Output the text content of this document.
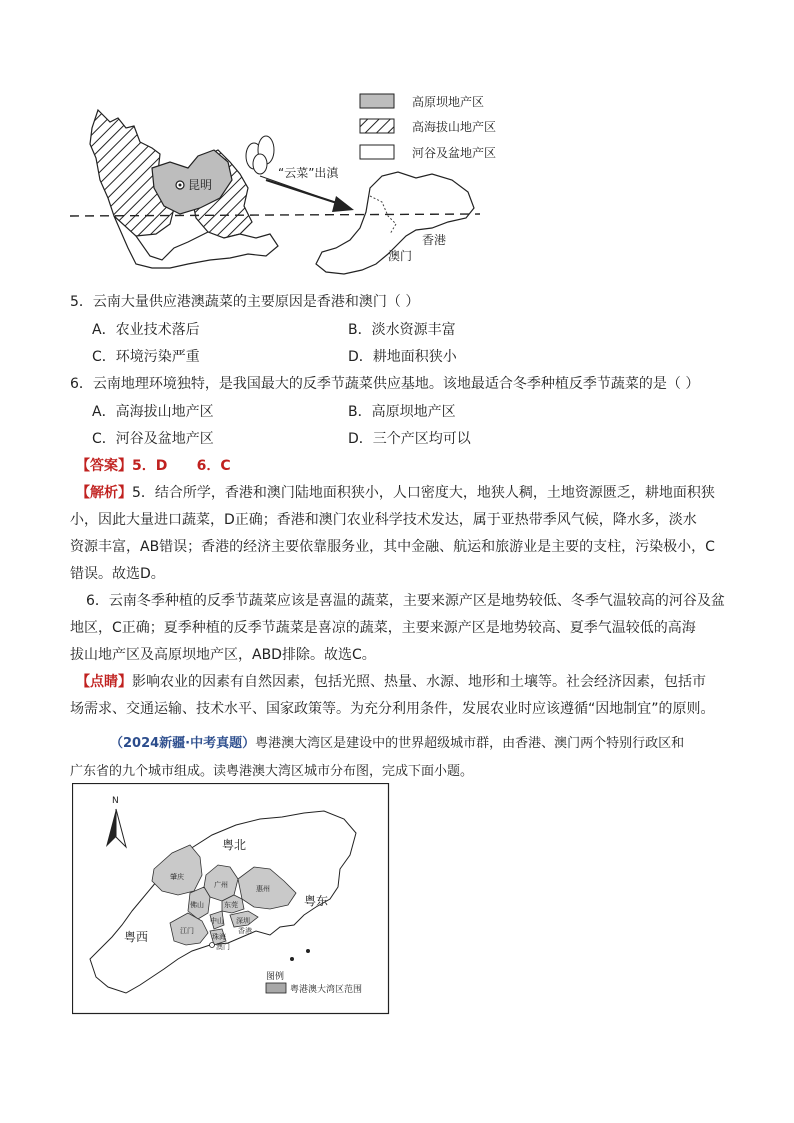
昆明
“云菜”出滇
香港
澳门
高原坝地产区
高海拔山地产区
河谷及盆地产区
5．云南大量供应港澳蔬菜的主要原因是香港和澳门（ ）
A．农业技术落后	B．淡水资源丰富
C．环境污染严重	D．耕地面积狭小
6．云南地理环境独特，是我国最大的反季节蔬菜供应基地。该地最适合冬季种植反季节蔬菜的是（ ）
A．高海拔山地产区	B．高原坝地产区
C．河谷及盆地产区	D．三个产区均可以
【答案】5．D      6．C
【解析】5．结合所学，香港和澳门陆地面积狭小，人口密度大，地狭人稠，土地资源匮乏，耕地面积狭
小，因此大量进口蔬菜，D正确；香港和澳门农业科学技术发达，属于亚热带季风气候，降水多，淡水
资源丰富，AB错误；香港的经济主要依靠服务业，其中金融、航运和旅游业是主要的支柱，污染极小，C
错误。故选D。
6．云南冬季种植的反季节蔬菜应该是喜温的蔬菜，主要来源产区是地势较低、冬季气温较高的河谷及盆
地区，C正确；夏季种植的反季节蔬菜是喜凉的蔬菜，主要来源产区是地势较高、夏季气温较低的高海
拔山地产区及高原坝地产区，ABD排除。故选C。
【点睛】影响农业的因素有自然因素，包括光照、热量、水源、地形和土壤等。社会经济因素，包括市
场需求、交通运输、技术水平、国家政策等。为充分利用条件，发展农业时应该遵循“因地制宜”的原则。
（2024新疆·中考真题）粤港澳大湾区是建设中的世界超级城市群，由香港、澳门两个特别行政区和
广东省的九个城市组成。读粤港澳大湾区城市分布图，完成下面小题。
N
粤北
粤东
粤西
肇庆
广州	惠州
佛山	东莞
中山 深圳
江门
珠海
香港
澳门
图例
粤港澳大湾区范围
